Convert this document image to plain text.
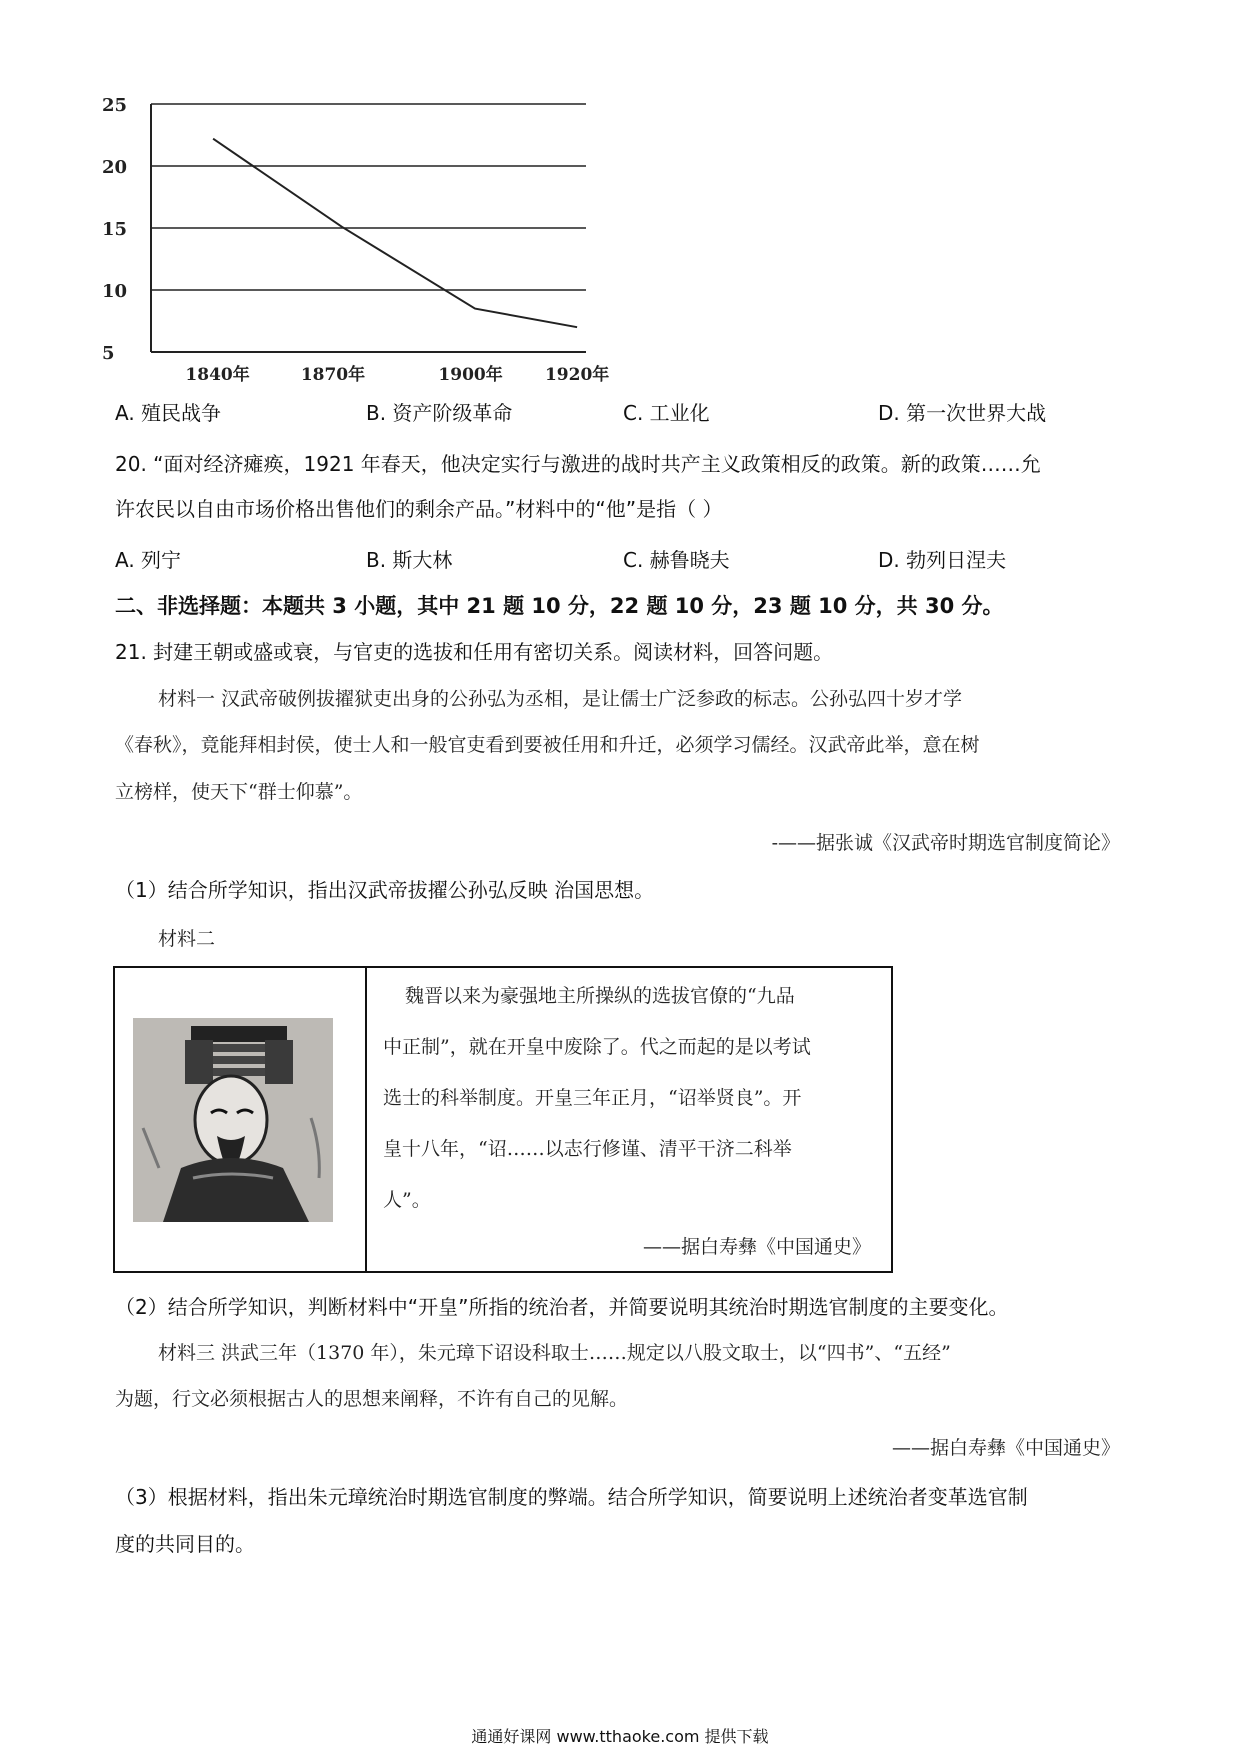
25
20
15
10
5
1840年	1870年	1900年 1920年
A. 殖民战争	B. 资产阶级革命	C. 工业化	D. 第一次世界大战
20. “面对经济瘫痪，1921 年春天，他决定实行与激进的战时共产主义政策相反的政策。新的政策……允
许农民以自由市场价格出售他们的剩余产品。”材料中的“他”是指（ ）
A. 列宁	B. 斯大林	C. 赫鲁晓夫	D. 勃列日涅夫
二、非选择题：本题共 3 小题，其中 21 题 10 分，22 题 10 分，23 题 10 分，共 30 分。
21. 封建王朝或盛或衰，与官吏的选拔和任用有密切关系。阅读材料，回答问题。
材料一 汉武帝破例拔擢狱吏出身的公孙弘为丞相，是让儒士广泛参政的标志。公孙弘四十岁才学
《春秋》，竟能拜相封侯，使士人和一般官吏看到要被任用和升迁，必须学习儒经。汉武帝此举，意在树
立榜样，使天下“群士仰慕”。
-——据张诚《汉武帝时期选官制度简论》
（1）结合所学知识，指出汉武帝拔擢公孙弘反映 治国思想。
材料二
魏晋以来为豪强地主所操纵的选拔官僚的“九品
中正制”，就在开皇中废除了。代之而起的是以考试
选士的科举制度。开皇三年正月，“诏举贤良”。开
皇十八年，“诏……以志行修谨、清平干济二科举
人”。
——据白寿彝《中国通史》
（2）结合所学知识，判断材料中“开皇”所指的统治者，并简要说明其统治时期选官制度的主要变化。
材料三 洪武三年（1370 年），朱元璋下诏设科取士……规定以八股文取士，以“四书”、“五经”
为题，行文必须根据古人的思想来阐释，不许有自己的见解。
——据白寿彝《中国通史》
（3）根据材料，指出朱元璋统治时期选官制度的弊端。结合所学知识，简要说明上述统治者变革选官制
度的共同目的。
通通好课网 www.tthaoke.com 提供下载
